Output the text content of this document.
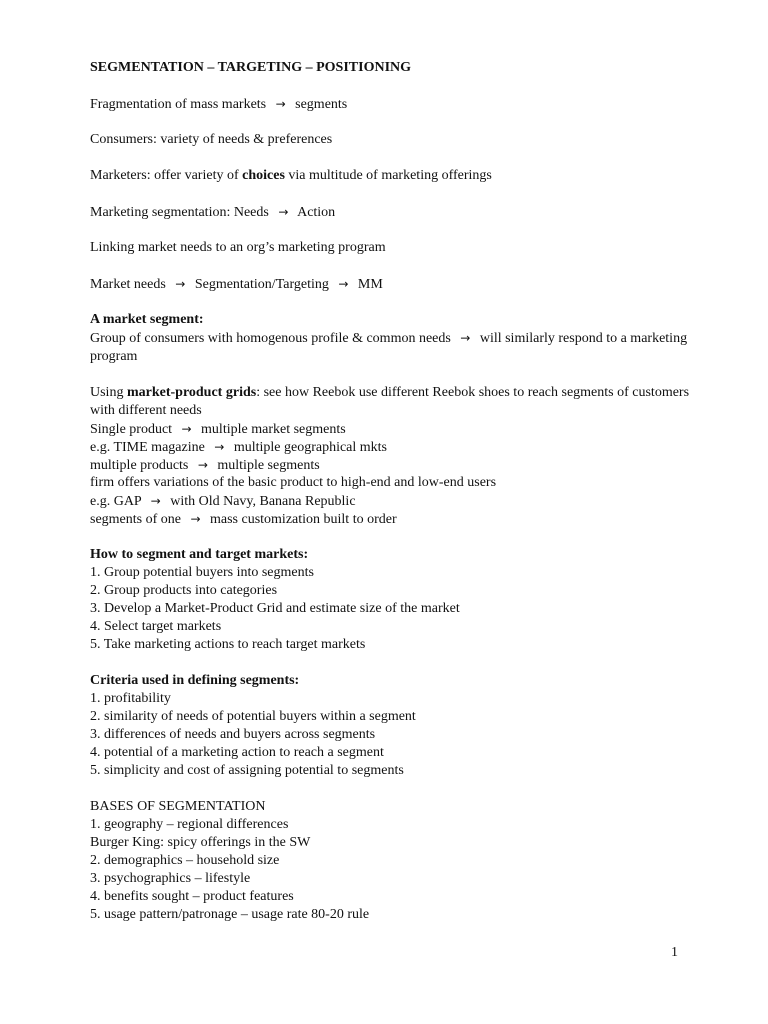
SEGMENTATION – TARGETING – POSITIONING
Fragmentation of mass markets → segments
Consumers: variety of needs & preferences
Marketers: offer variety of choices via multitude of marketing offerings
Marketing segmentation: Needs → Action
Linking market needs to an org’s marketing program
Market needs → Segmentation/Targeting → MM
A market segment:
Group of consumers with homogenous profile & common needs → will similarly respond to a marketing program
Using market-product grids: see how Reebok use different Reebok shoes to reach segments of customers with different needs
Single product → multiple market segments
e.g. TIME magazine → multiple geographical mkts
multiple products → multiple segments
firm offers variations of the basic product to high-end and low-end users
e.g. GAP → with Old Navy, Banana Republic
segments of one → mass customization built to order
How to segment and target markets:
1. Group potential buyers into segments
2. Group products into categories
3. Develop a Market-Product Grid and estimate size of the market
4. Select target markets
5. Take marketing actions to reach target markets
Criteria used in defining segments:
1. profitability
2. similarity of needs of potential buyers within a segment
3. differences of needs and buyers across segments
4. potential of a marketing action to reach a segment
5. simplicity and cost of assigning potential to segments
BASES OF SEGMENTATION
1. geography – regional differences
Burger King: spicy offerings in the SW
2. demographics – household size
3. psychographics – lifestyle
4. benefits sought – product features
5. usage pattern/patronage – usage rate 80-20 rule
1
